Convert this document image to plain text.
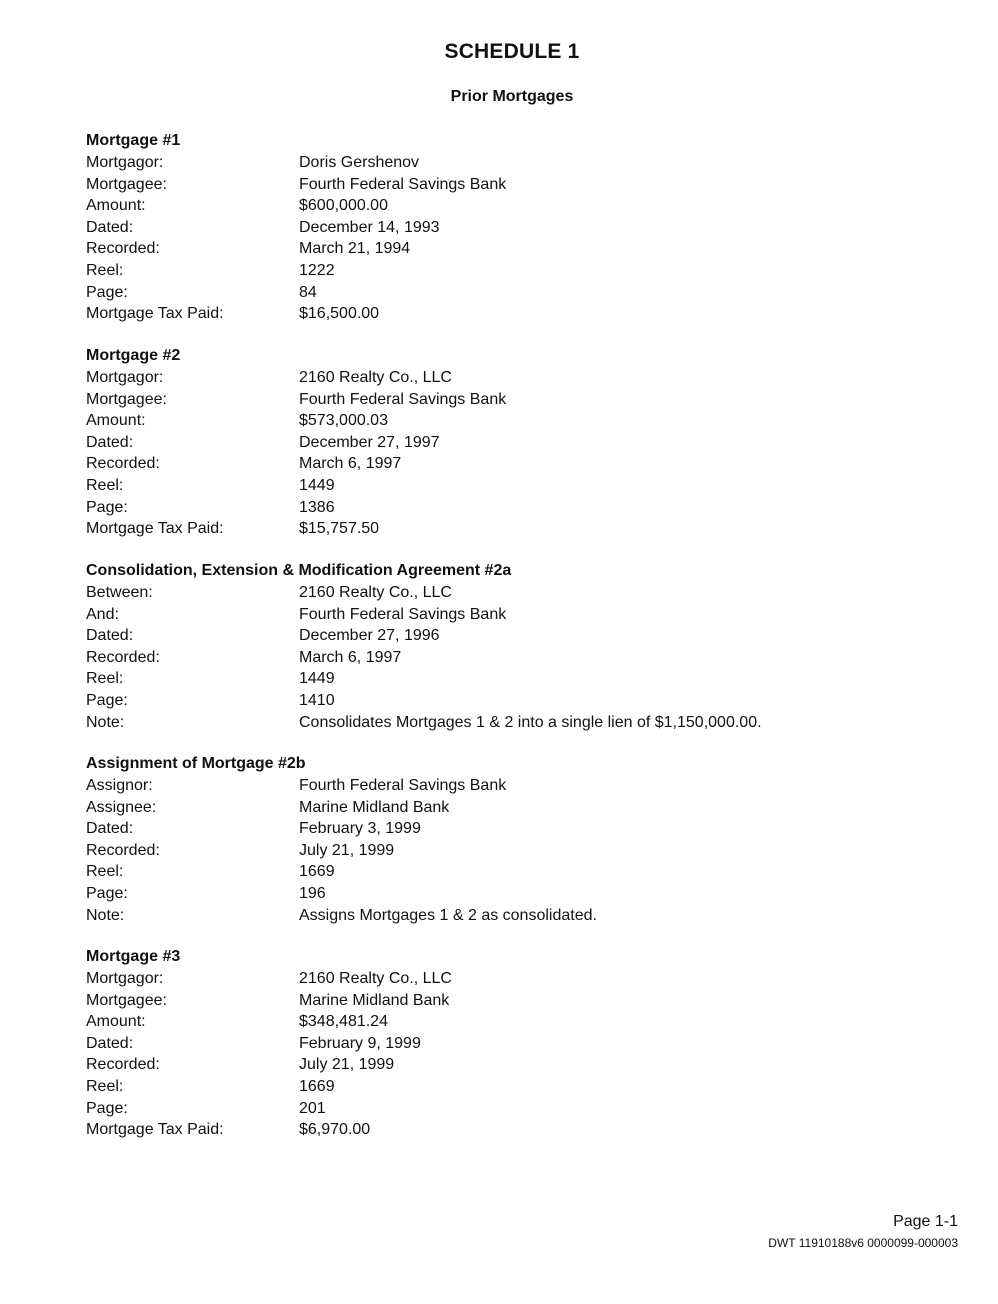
SCHEDULE 1
Prior Mortgages
Mortgage #1
Mortgagor:	Doris Gershenov
Mortgagee:	Fourth Federal Savings Bank
Amount:	$600,000.00
Dated:	December 14, 1993
Recorded:	March 21, 1994
Reel:	1222
Page:	84
Mortgage Tax Paid:	$16,500.00
Mortgage #2
Mortgagor:	2160 Realty Co., LLC
Mortgagee:	Fourth Federal Savings Bank
Amount:	$573,000.03
Dated:	December 27, 1997
Recorded:	March 6, 1997
Reel:	1449
Page:	1386
Mortgage Tax Paid:	$15,757.50
Consolidation, Extension & Modification Agreement #2a
Between:	2160 Realty Co., LLC
And:	Fourth Federal Savings Bank
Dated:	December 27, 1996
Recorded:	March 6, 1997
Reel:	1449
Page:	1410
Note:	Consolidates Mortgages 1 & 2 into a single lien of $1,150,000.00.
Assignment of Mortgage #2b
Assignor:	Fourth Federal Savings Bank
Assignee:	Marine Midland Bank
Dated:	February 3, 1999
Recorded:	July 21, 1999
Reel:	1669
Page:	196
Note:	Assigns Mortgages 1 & 2 as consolidated.
Mortgage #3
Mortgagor:	2160 Realty Co., LLC
Mortgagee:	Marine Midland Bank
Amount:	$348,481.24
Dated:	February 9, 1999
Recorded:	July 21, 1999
Reel:	1669
Page:	201
Mortgage Tax Paid:	$6,970.00
Page 1-1
DWT 11910188v6 0000099-000003
